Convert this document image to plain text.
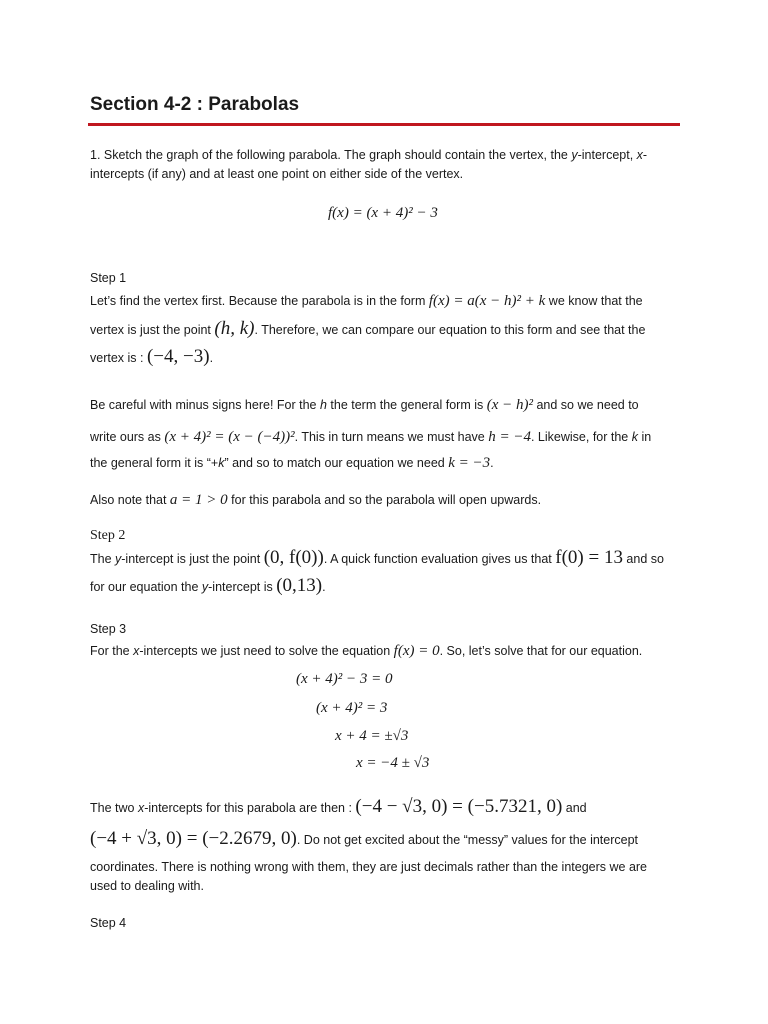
Section 4-2 : Parabolas
1. Sketch the graph of the following parabola. The graph should contain the vertex, the y-intercept, x-
intercepts (if any) and at least one point on either side of the vertex.
f(x) = (x + 4)² − 3
Step 1
Let’s find the vertex first. Because the parabola is in the form f(x) = a(x − h)² + k we know that the
vertex is just the point (h, k). Therefore, we can compare our equation to this form and see that the
vertex is : (−4, −3).
Be careful with minus signs here! For the h the term the general form is (x − h)² and so we need to
write ours as (x + 4)² = (x − (−4))². This in turn means we must have h = −4. Likewise, for the k in
the general form it is “+k” and so to match our equation we need k = −3.
Also note that a = 1 > 0 for this parabola and so the parabola will open upwards.
Step 2
The y-intercept is just the point (0, f(0)). A quick function evaluation gives us that f(0) = 13 and so
for our equation the y-intercept is (0,13).
Step 3
For the x-intercepts we just need to solve the equation f(x) = 0. So, let’s solve that for our equation.
(x + 4)² − 3 = 0
(x + 4)² = 3
x + 4 = ±√3
x = −4 ± √3
The two x-intercepts for this parabola are then : (−4 − √3, 0) = (−5.7321, 0) and
(−4 + √3, 0) = (−2.2679, 0). Do not get excited about the “messy” values for the intercept
coordinates. There is nothing wrong with them, they are just decimals rather than the integers we are
used to dealing with.
Step 4
